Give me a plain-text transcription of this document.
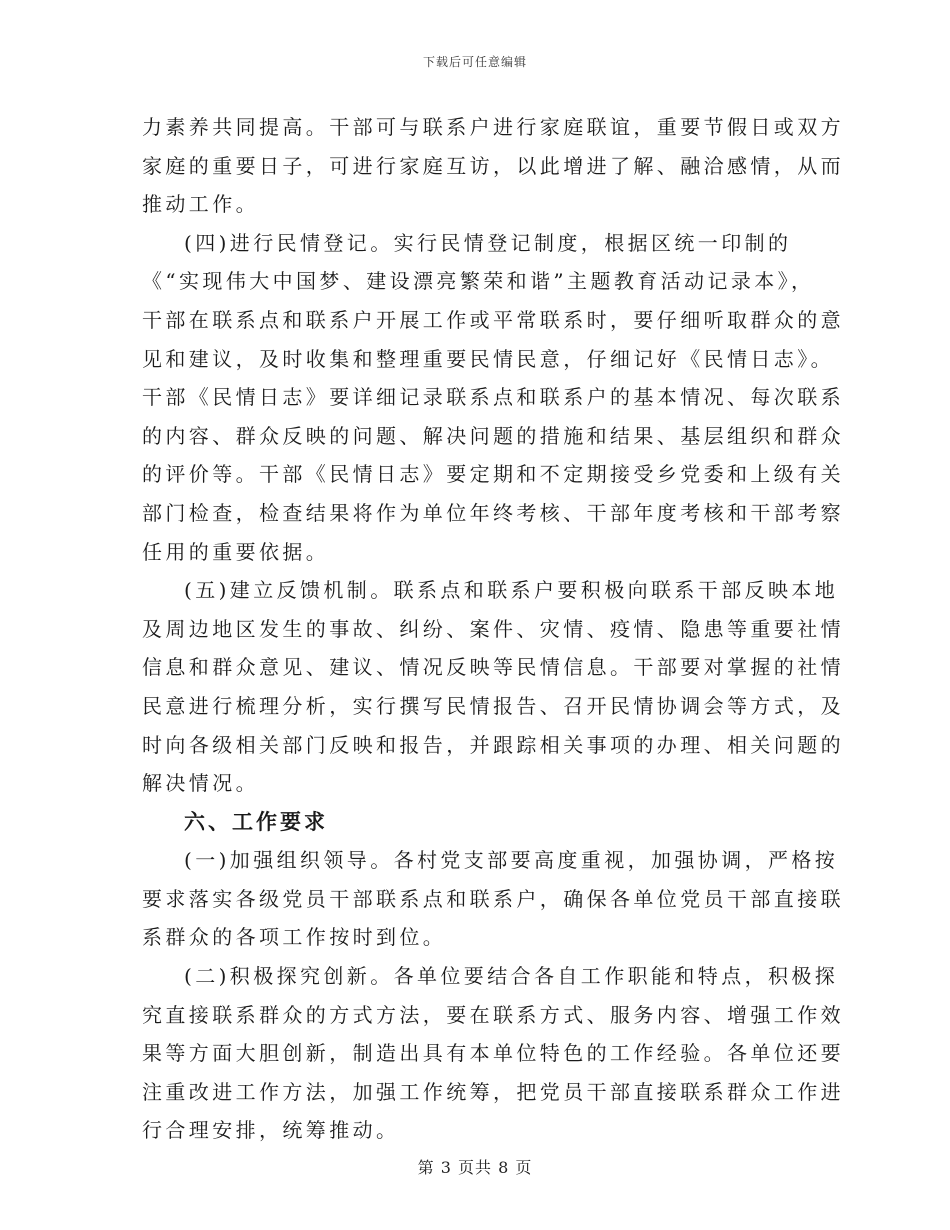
下载后可任意编辑
力素养共同提高。干部可与联系户进行家庭联谊，重要节假日或双方
家庭的重要日子，可进行家庭互访，以此增进了解、融洽感情，从而
推动工作。
(四)进行民情登记。实行民情登记制度，根据区统一印制的
《“实现伟大中国梦、建设漂亮繁荣和谐”主题教育活动记录本》，
干部在联系点和联系户开展工作或平常联系时，要仔细听取群众的意
见和建议，及时收集和整理重要民情民意，仔细记好《民情日志》。
干部《民情日志》要详细记录联系点和联系户的基本情况、每次联系
的内容、群众反映的问题、解决问题的措施和结果、基层组织和群众
的评价等。干部《民情日志》要定期和不定期接受乡党委和上级有关
部门检查，检查结果将作为单位年终考核、干部年度考核和干部考察
任用的重要依据。
(五)建立反馈机制。联系点和联系户要积极向联系干部反映本地
及周边地区发生的事故、纠纷、案件、灾情、疫情、隐患等重要社情
信息和群众意见、建议、情况反映等民情信息。干部要对掌握的社情
民意进行梳理分析，实行撰写民情报告、召开民情协调会等方式，及
时向各级相关部门反映和报告，并跟踪相关事项的办理、相关问题的
解决情况。
六、工作要求
(一)加强组织领导。各村党支部要高度重视，加强协调，严格按
要求落实各级党员干部联系点和联系户，确保各单位党员干部直接联
系群众的各项工作按时到位。
(二)积极探究创新。各单位要结合各自工作职能和特点，积极探
究直接联系群众的方式方法，要在联系方式、服务内容、增强工作效
果等方面大胆创新，制造出具有本单位特色的工作经验。各单位还要
注重改进工作方法，加强工作统筹，把党员干部直接联系群众工作进
行合理安排，统筹推动。
第 3 页共 8 页
